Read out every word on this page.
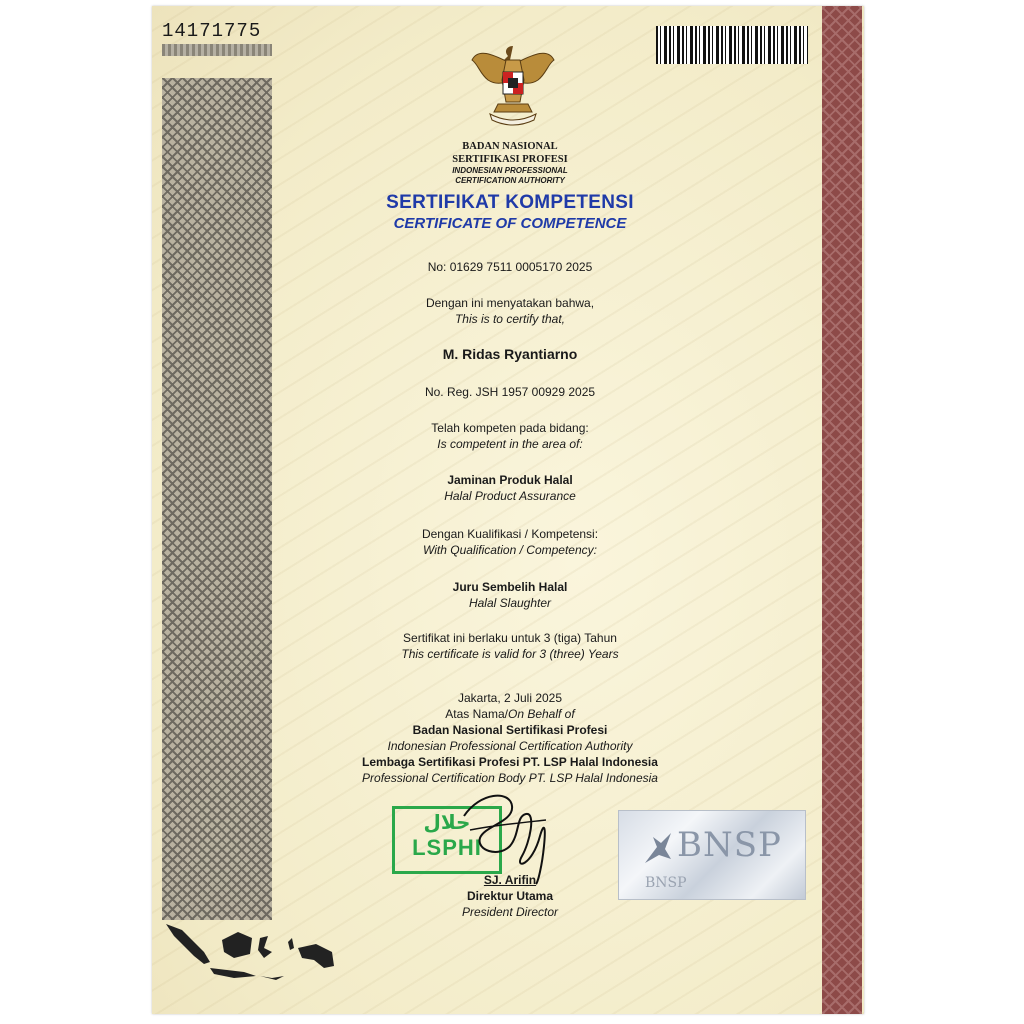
14171775
BADAN NASIONAL
SERTIFIKASI PROFESI
INDONESIAN PROFESSIONAL
CERTIFICATION AUTHORITY
SERTIFIKAT KOMPETENSI
CERTIFICATE OF COMPETENCE
No: 01629 7511 0005170 2025
Dengan ini menyatakan bahwa,
This is to certify that,
M. Ridas Ryantiarno
No. Reg. JSH 1957 00929 2025
Telah kompeten pada bidang:
Is competent in the area of:
Jaminan Produk Halal
Halal Product Assurance
Dengan Kualifikasi / Kompetensi:
With Qualification / Competency:
Juru Sembelih Halal
Halal Slaughter
Sertifikat ini berlaku untuk 3 (tiga) Tahun
This certificate is valid for 3 (three) Years
Jakarta, 2 Juli 2025
Atas Nama/On Behalf of
Badan Nasional Sertifikasi Profesi
Indonesian Professional Certification Authority
Lembaga Sertifikasi Profesi PT. LSP Halal Indonesia
Professional Certification Body PT. LSP Halal Indonesia
حلال
LSPHI
SJ. Arifin
Direktur Utama
President Director
BNSP
BNSP
